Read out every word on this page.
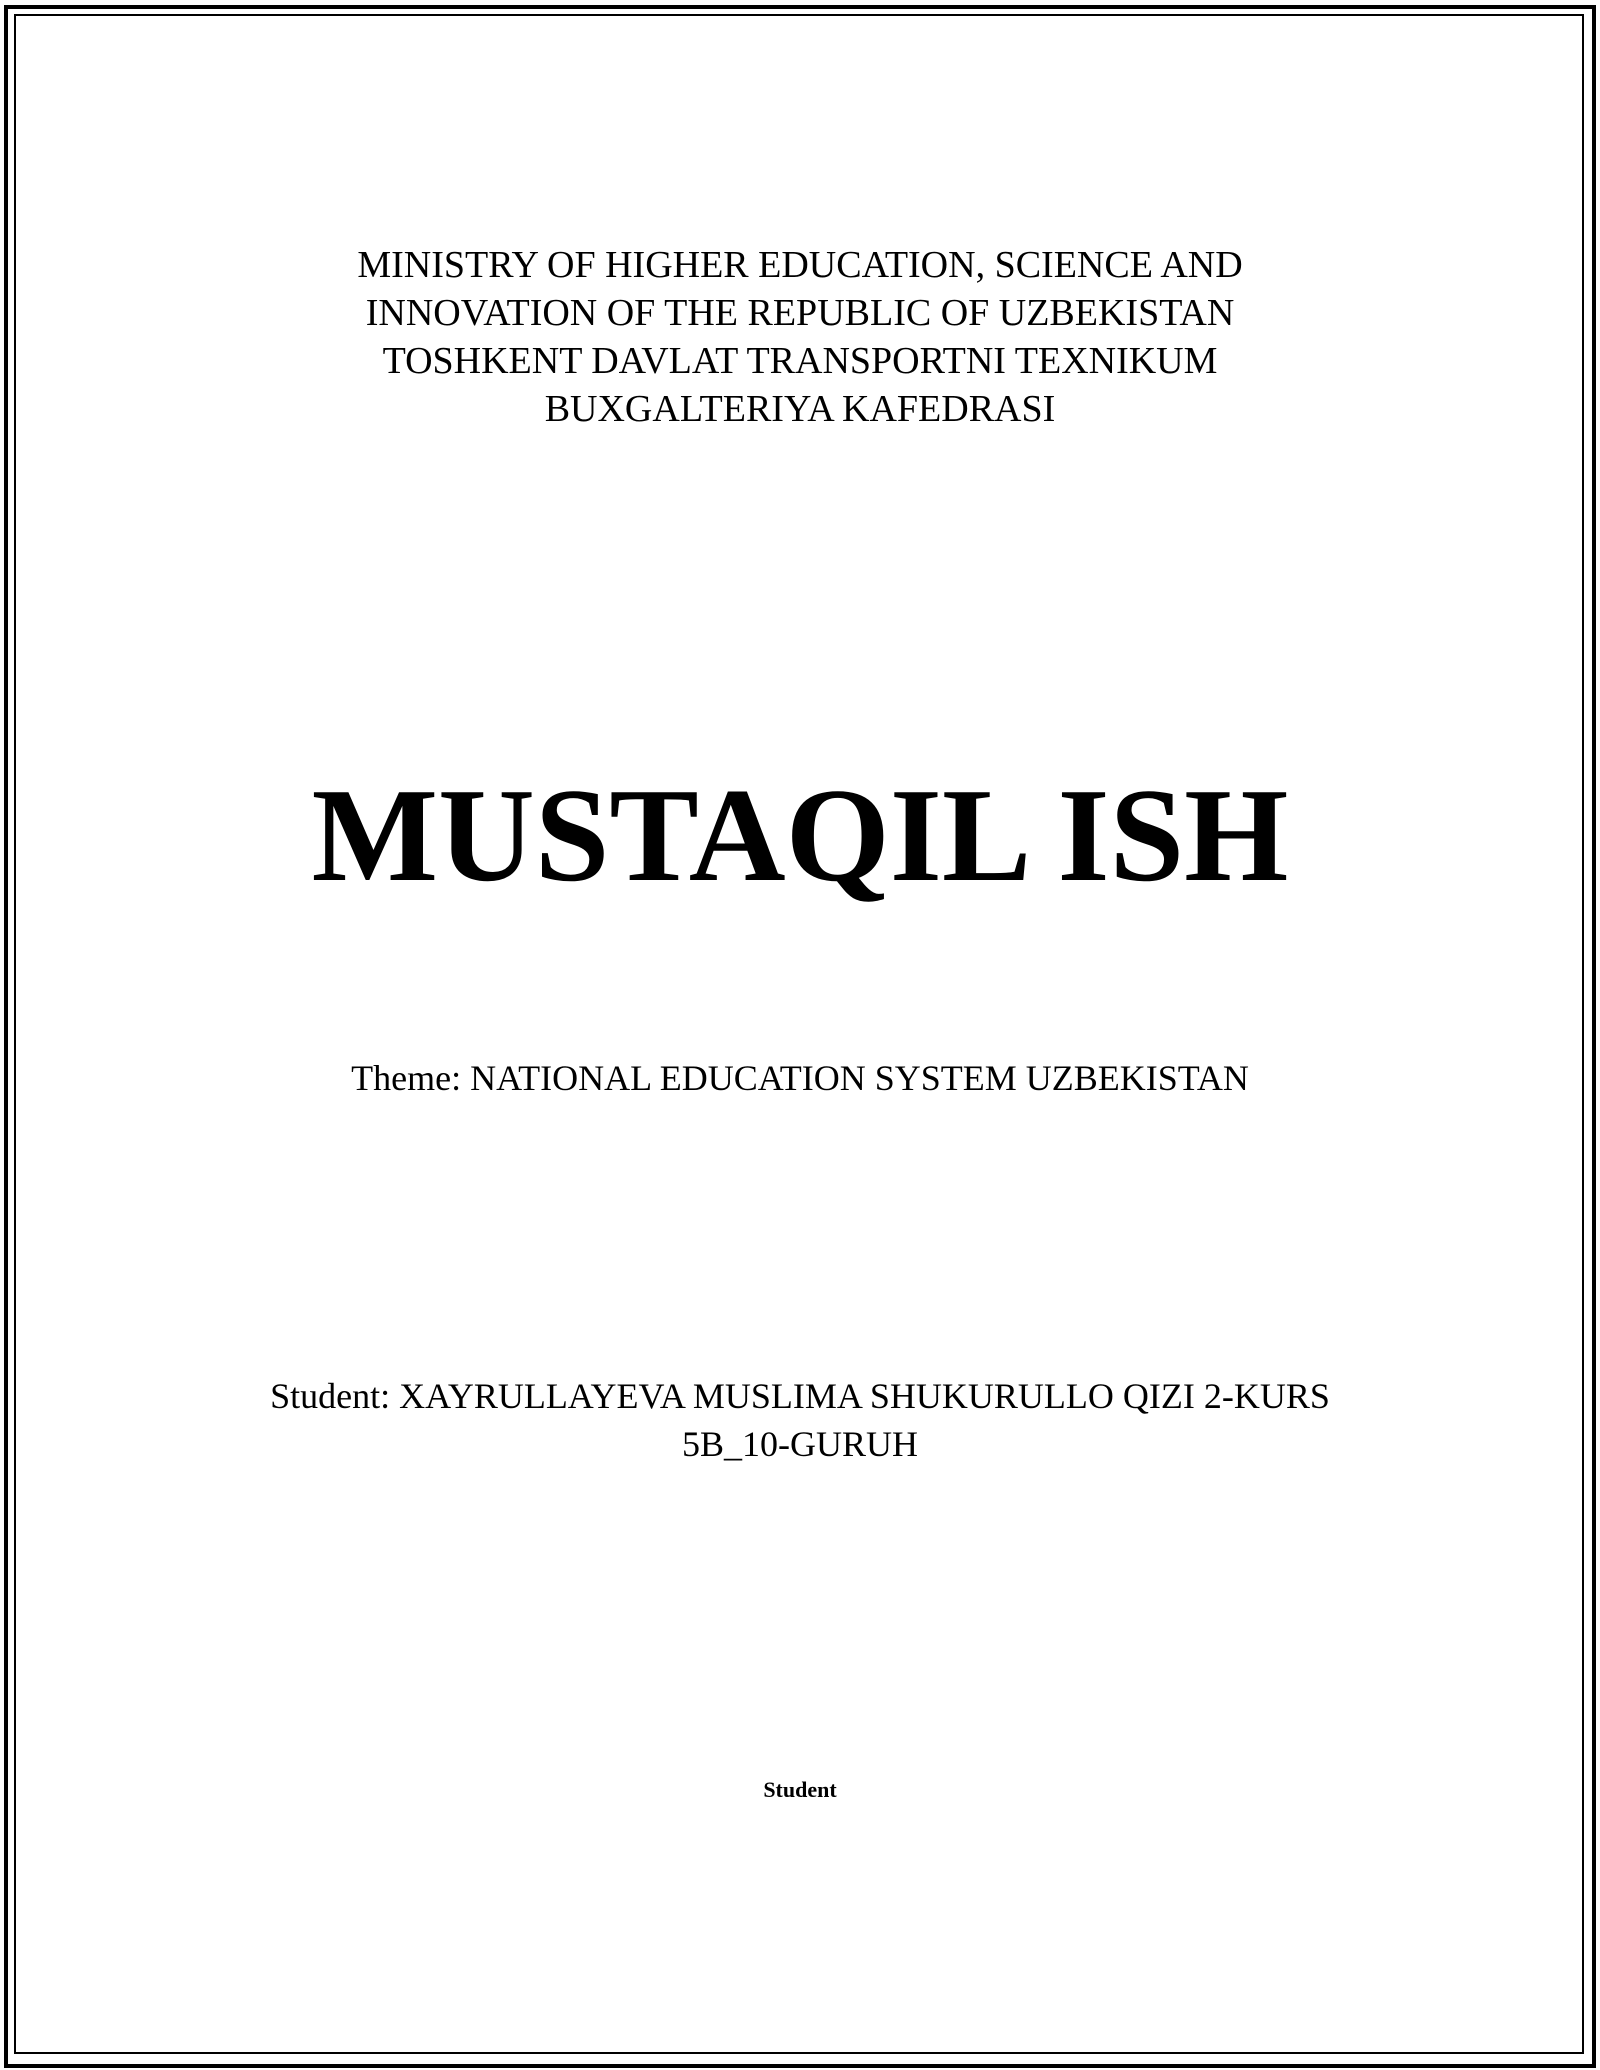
MINISTRY OF HIGHER EDUCATION, SCIENCE AND
INNOVATION OF THE REPUBLIC OF UZBEKISTAN
TOSHKENT DAVLAT TRANSPORTNI TEXNIKUM
BUXGALTERIYA KAFEDRASI
MUSTAQIL ISH
Theme: NATIONAL EDUCATION SYSTEM UZBEKISTAN
Student: XAYRULLAYEVA MUSLIMA SHUKURULLO QIZI 2-KURS
5B_10-GURUH
Student
